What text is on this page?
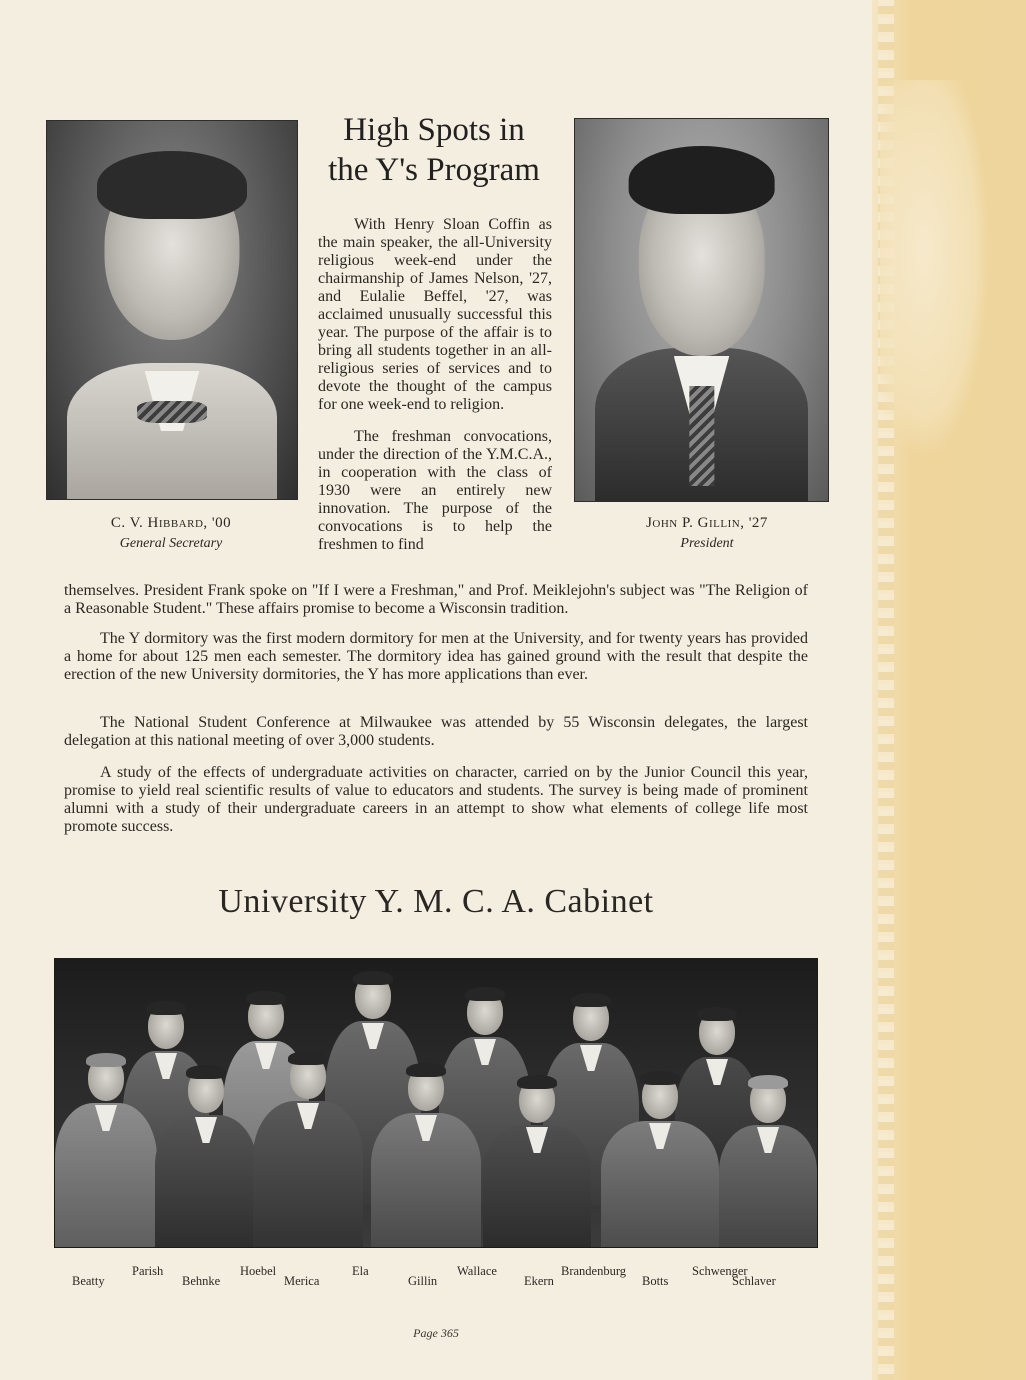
C. V. Hibbard, '00
General Secretary
John P. Gillin, '27
President
High Spots in
the Y's Program

With Henry Sloan Coffin as the main speaker, the all-University religious week-end under the chairmanship of James Nelson, '27, and Eulalie Beffel, '27, was acclaimed unusually successful this year. The purpose of the affair is to bring all students together in an all-religious series of services and to devote the thought of the campus for one week-end to religion.

The freshman convocations, under the direction of the Y.M.C.A., in cooperation with the class of 1930 were an entirely new innovation. The purpose of the convocations is to help the freshmen to find

themselves. President Frank spoke on "If I were a Freshman," and Prof. Meiklejohn's subject was "The Religion of a Reasonable Student." These affairs promise to become a Wisconsin tradition.

The Y dormitory was the first modern dormitory for men at the University, and for twenty years has provided a home for about 125 men each semester. The dormitory idea has gained ground with the result that despite the erection of the new University dormitories, the Y has more applications than ever.

The National Student Conference at Milwaukee was attended by 55 Wisconsin delegates, the largest delegation at this national meeting of over 3,000 students.

A study of the effects of undergraduate activities on character, carried on by the Junior Council this year, promise to yield real scientific results of value to educators and students. The survey is being made of prominent alumni with a study of their undergraduate careers in an attempt to show what elements of college life most promote success.

University Y. M. C. A. Cabinet
Parish	Hoebel	Ela	Wallace	Brandenburg	Schwenger
Beatty	Behnke	Merica	Gillin	Ekern	Botts	Schlaver
Page 365
